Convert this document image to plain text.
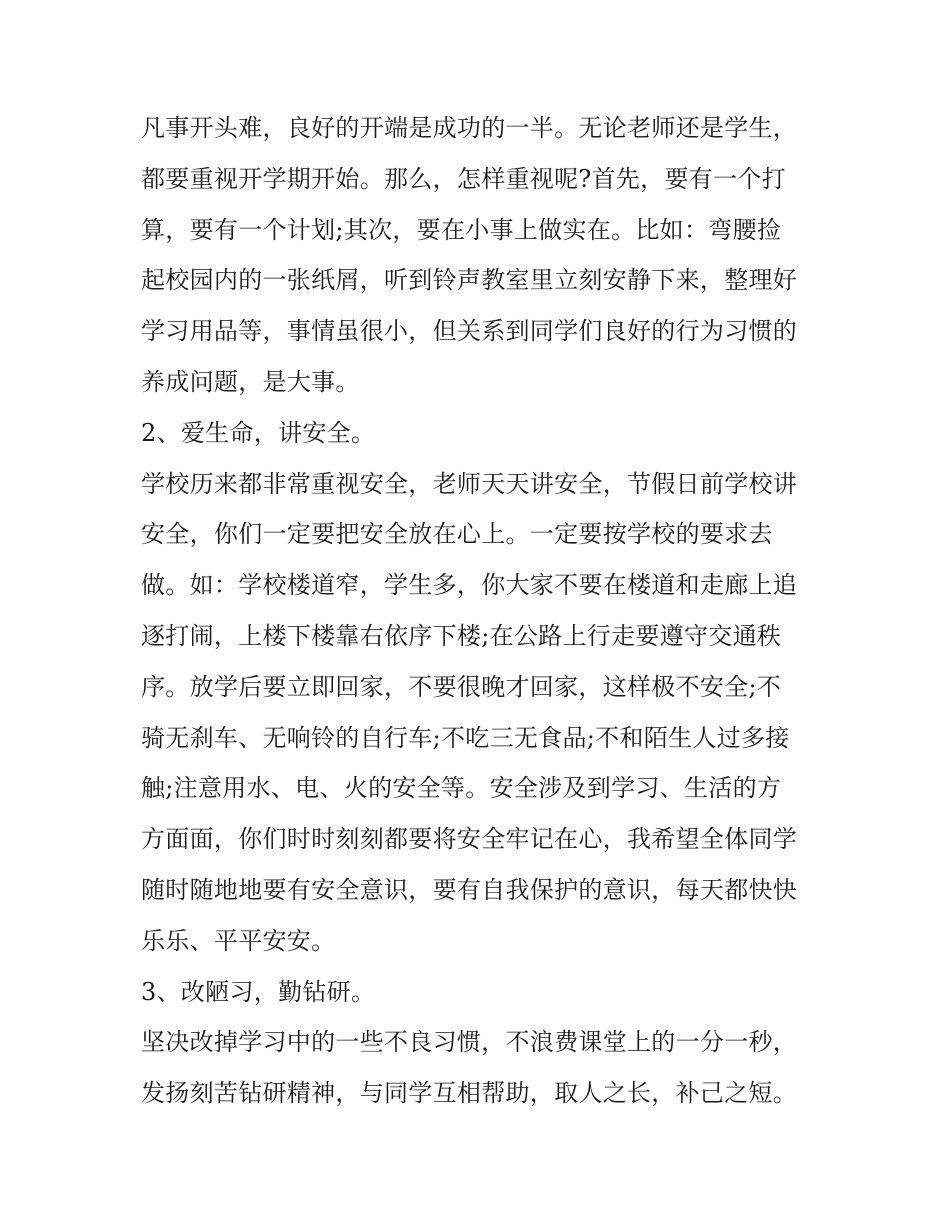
凡事开头难，良好的开端是成功的一半。无论老师还是学生，
都要重视开学期开始。那么，怎样重视呢?首先，要有一个打
算，要有一个计划;其次，要在小事上做实在。比如：弯腰捡
起校园内的一张纸屑，听到铃声教室里立刻安静下来，整理好
学习用品等，事情虽很小，但关系到同学们良好的行为习惯的
养成问题，是大事。
2、爱生命，讲安全。
学校历来都非常重视安全，老师天天讲安全，节假日前学校讲
安全，你们一定要把安全放在心上。一定要按学校的要求去
做。如：学校楼道窄，学生多，你大家不要在楼道和走廊上追
逐打闹，上楼下楼靠右依序下楼;在公路上行走要遵守交通秩
序。放学后要立即回家，不要很晚才回家，这样极不安全;不
骑无刹车、无响铃的自行车;不吃三无食品;不和陌生人过多接
触;注意用水、电、火的安全等。安全涉及到学习、生活的方
方面面，你们时时刻刻都要将安全牢记在心，我希望全体同学
随时随地地要有安全意识，要有自我保护的意识，每天都快快
乐乐、平平安安。
3、改陋习，勤钻研。
坚决改掉学习中的一些不良习惯，不浪费课堂上的一分一秒，
发扬刻苦钻研精神，与同学互相帮助，取人之长，补己之短。
